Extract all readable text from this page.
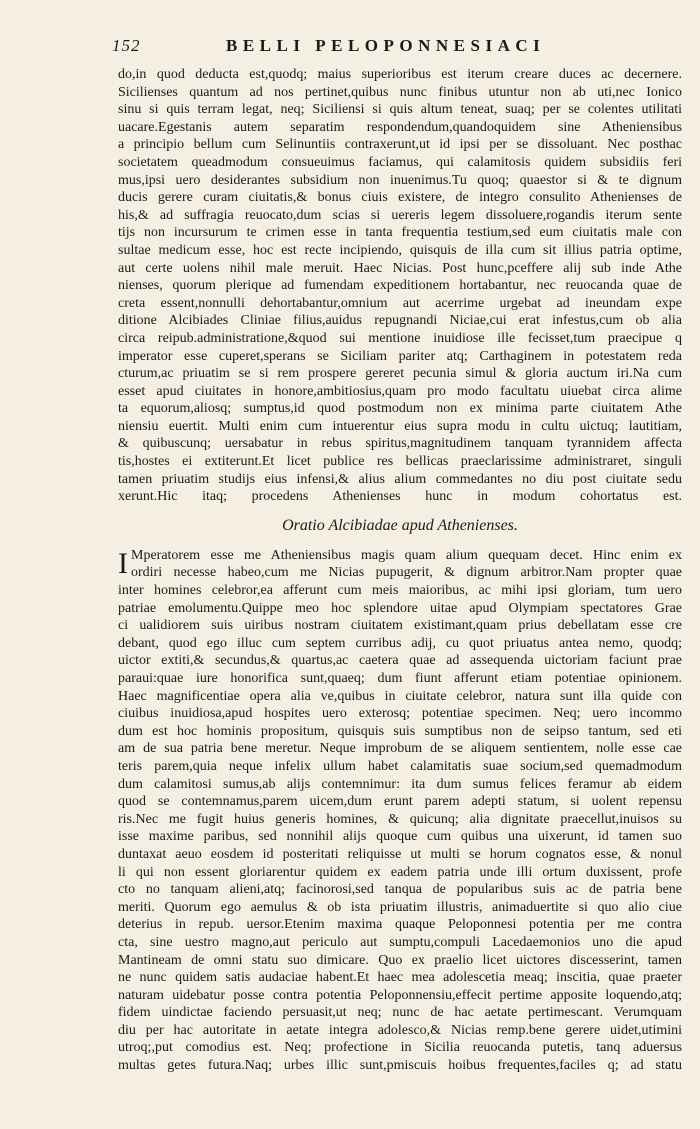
152	BELLI PELOPONNESIACI
do,in quod deducta est,quodq; maius superioribus est iterum creare duces ac decernere.
Sicilienses quantum ad nos pertinet,quibus nunc finibus utuntur non ab uti,nec Ionico
sinu si quis terram legat, neq; Siciliensi si quis altum teneat, suaq; per se colentes utilitati
uacare.Egestanis autem separatim respondendum,quandoquidem sine Atheniensibus
a principio bellum cum Selinuntiis contraxerunt,ut id ipsi per se dissoluant. Nec posthac
societatem queadmodum consueuimus faciamus, qui calamitosis quidem subsidiis feri
mus,ipsi uero desiderantes subsidium non inuenimus.Tu quoq; quaestor si & te dignum
ducis gerere curam ciuitatis,& bonus ciuis existere, de integro consulito Athenienses de
his,& ad suffragia reuocato,dum scias si uereris legem dissoluere,rogandis iterum sente
tijs non incursurum te crimen esse in tanta frequentia testium,sed eum ciuitatis male con
sultae medicum esse, hoc est recte incipiendo, quisquis de illa cum sit illius patria optime,
aut certe uolens nihil male meruit. Haec Nicias. Post hunc,pceffere alij sub inde Athe
nienses, quorum plerique ad fumendam expeditionem hortabantur, nec reuocanda quae de
creta essent,nonnulli dehortabantur,omnium aut acerrime urgebat ad ineundam expe
ditione Alcibiades Cliniae filius,auidus repugnandi Niciae,cui erat infestus,cum ob alia
circa reipub.administratione,&quod sui mentione inuidiose ille fecisset,tum praecipue q
imperator esse cuperet,sperans se Siciliam pariter atq; Carthaginem in potestatem reda
cturum,ac priuatim se si rem prospere gereret pecunia simul & gloria auctum iri.Na cum
esset apud ciuitates in honore,ambitiosius,quam pro modo facultatu uiuebat circa alime
ta equorum,aliosq; sumptus,id quod postmodum non ex minima parte ciuitatem Athe
niensiu euertit. Multi enim cum intuerentur eius supra modu in cultu uictuq; lautitiam,
& quibuscunq; uersabatur in rebus spiritus,magnitudinem tanquam tyrannidem affecta
tis,hostes ei extiterunt.Et licet publice res bellicas praeclarissime administraret, singuli
tamen priuatim studijs eius infensi,& alius alium commedantes no diu post ciuitate sedu
xerunt.Hic itaq; procedens Athenienses hunc in modum cohortatus est.
Oratio Alcibiadae apud Athenienses.
I Mperatorem esse me Atheniensibus magis quam alium quequam decet. Hinc enim ex
ordiri necesse habeo,cum me Nicias pupugerit, & dignum arbitror.Nam propter quae
inter homines celebror,ea afferunt cum meis maioribus, ac mihi ipsi gloriam, tum uero
patriae emolumentu.Quippe meo hoc splendore uitae apud Olympiam spectatores Grae
ci ualidiorem suis uiribus nostram ciuitatem existimant,quam prius debellatam esse cre
debant, quod ego illuc cum septem curribus adij, cu quot priuatus antea nemo, quodq;
uictor extiti,& secundus,& quartus,ac caetera quae ad assequenda uictoriam faciunt prae
paraui:quae iure honorifica sunt,quaeq; dum fiunt afferunt etiam potentiae opinionem.
Haec magnificentiae opera alia ve,quibus in ciuitate celebror, natura sunt illa quide con
ciuibus inuidiosa,apud hospites uero exterosq; potentiae specimen. Neq; uero incommo
dum est hoc hominis propositum, quisquis suis sumptibus non de seipso tantum, sed eti
am de sua patria bene meretur. Neque improbum de se aliquem sentientem, nolle esse cae
teris parem,quia neque infelix ullum habet calamitatis suae socium,sed quemadmodum
dum calamitosi sumus,ab alijs contemnimur: ita dum sumus felices feramur ab eidem
quod se contemnamus,parem uicem,dum erunt parem adepti statum, si uolent repensu
ris.Nec me fugit huius generis homines, & quicunq; alia dignitate praecellut,inuisos su
isse maxime paribus, sed nonnihil alijs quoque cum quibus una uixerunt, id tamen suo
duntaxat aeuo eosdem id posteritati reliquisse ut multi se horum cognatos esse, & nonul
li qui non essent gloriarentur quidem ex eadem patria unde illi ortum duxissent, profe
cto no tanquam alieni,atq; facinorosi,sed tanqua de popularibus suis ac de patria bene
meriti. Quorum ego aemulus & ob ista priuatim illustris, animaduertite si quo alio ciue
deterius in repub. uersor.Etenim maxima quaque Peloponnesi potentia per me contra
cta, sine uestro magno,aut periculo aut sumptu,compuli Lacedaemonios uno die apud
Mantineam de omni statu suo dimicare. Quo ex praelio licet uictores discesserint, tamen
ne nunc quidem satis audaciae habent.Et haec mea adolescetia meaq; inscitia, quae praeter
naturam uidebatur posse contra potentia Peloponnensiu,effecit pertime apposite loquendo,atq;
fidem uindictae faciendo persuasit,ut neq; nunc de hac aetate pertimescant. Verumquam
diu per hac autoritate in aetate integra adolesco,& Nicias remp.bene gerere uidet,utimini
utroq;,put comodius est. Neq; profectione in Sicilia reuocanda putetis, tanq aduersus
multas getes futura.Naq; urbes illic sunt,pmiscuis hoibus frequentes,faciles q; ad statu
